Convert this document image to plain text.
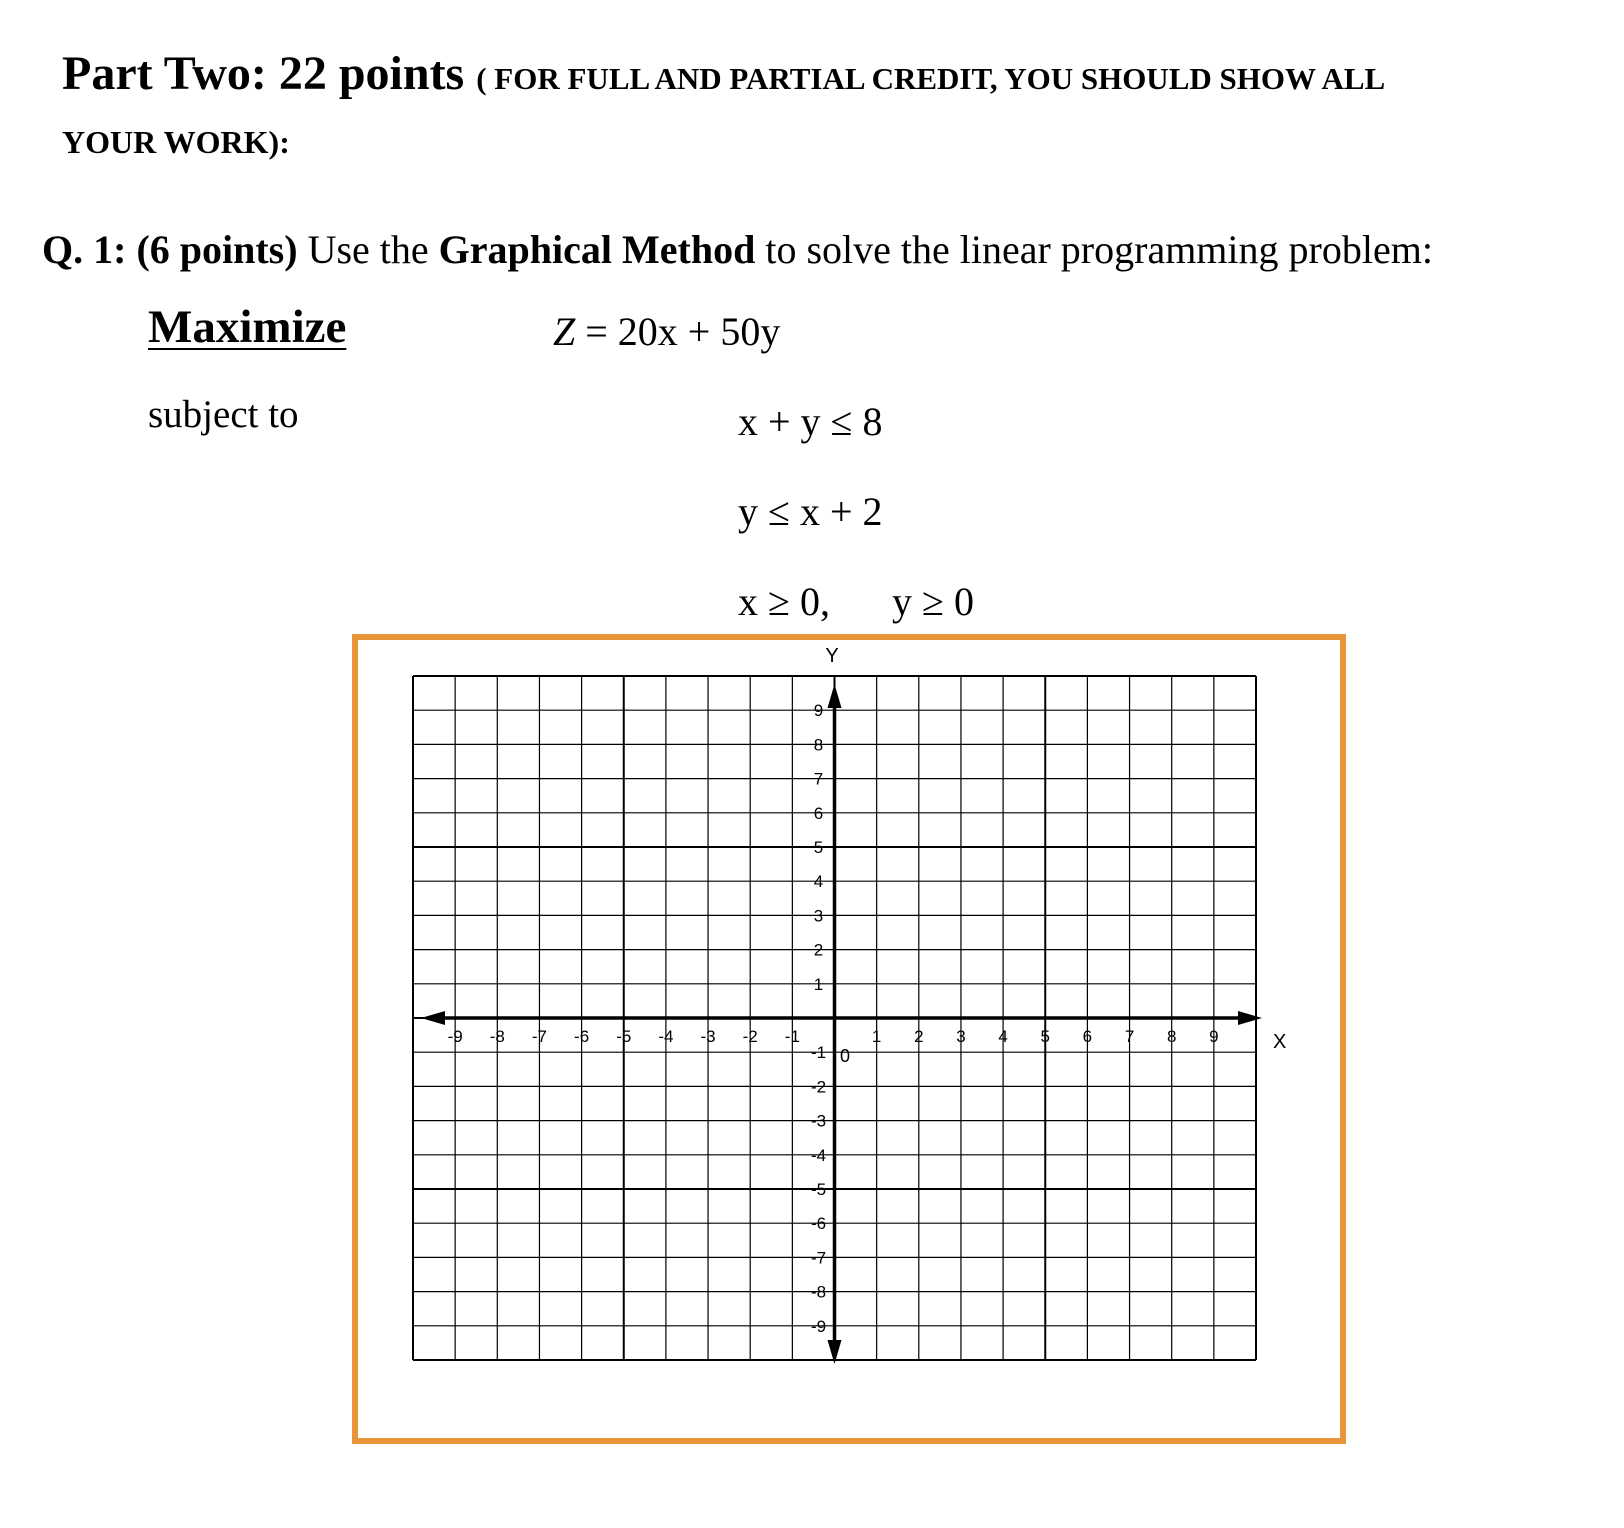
Part Two: 22 points ( FOR FULL AND PARTIAL CREDIT, YOU SHOULD SHOW ALL
YOUR WORK):
Q. 1: (6 points) Use the Graphical Method to solve the linear programming problem:
Maximize	Z = 20x + 50y
subject to	x + y ≤ 8
y ≤ x + 2
x ≥ 0, y ≥ 0
-9 -8 -7 -6 -5 -4 -3 -2 -1	1 2 3 4 5 6 7 8 9
9
8
7
6
5
4
3
2
1
-1
-2
-3
-4
-5
-6
-7
-8
-9
X
Y
0
